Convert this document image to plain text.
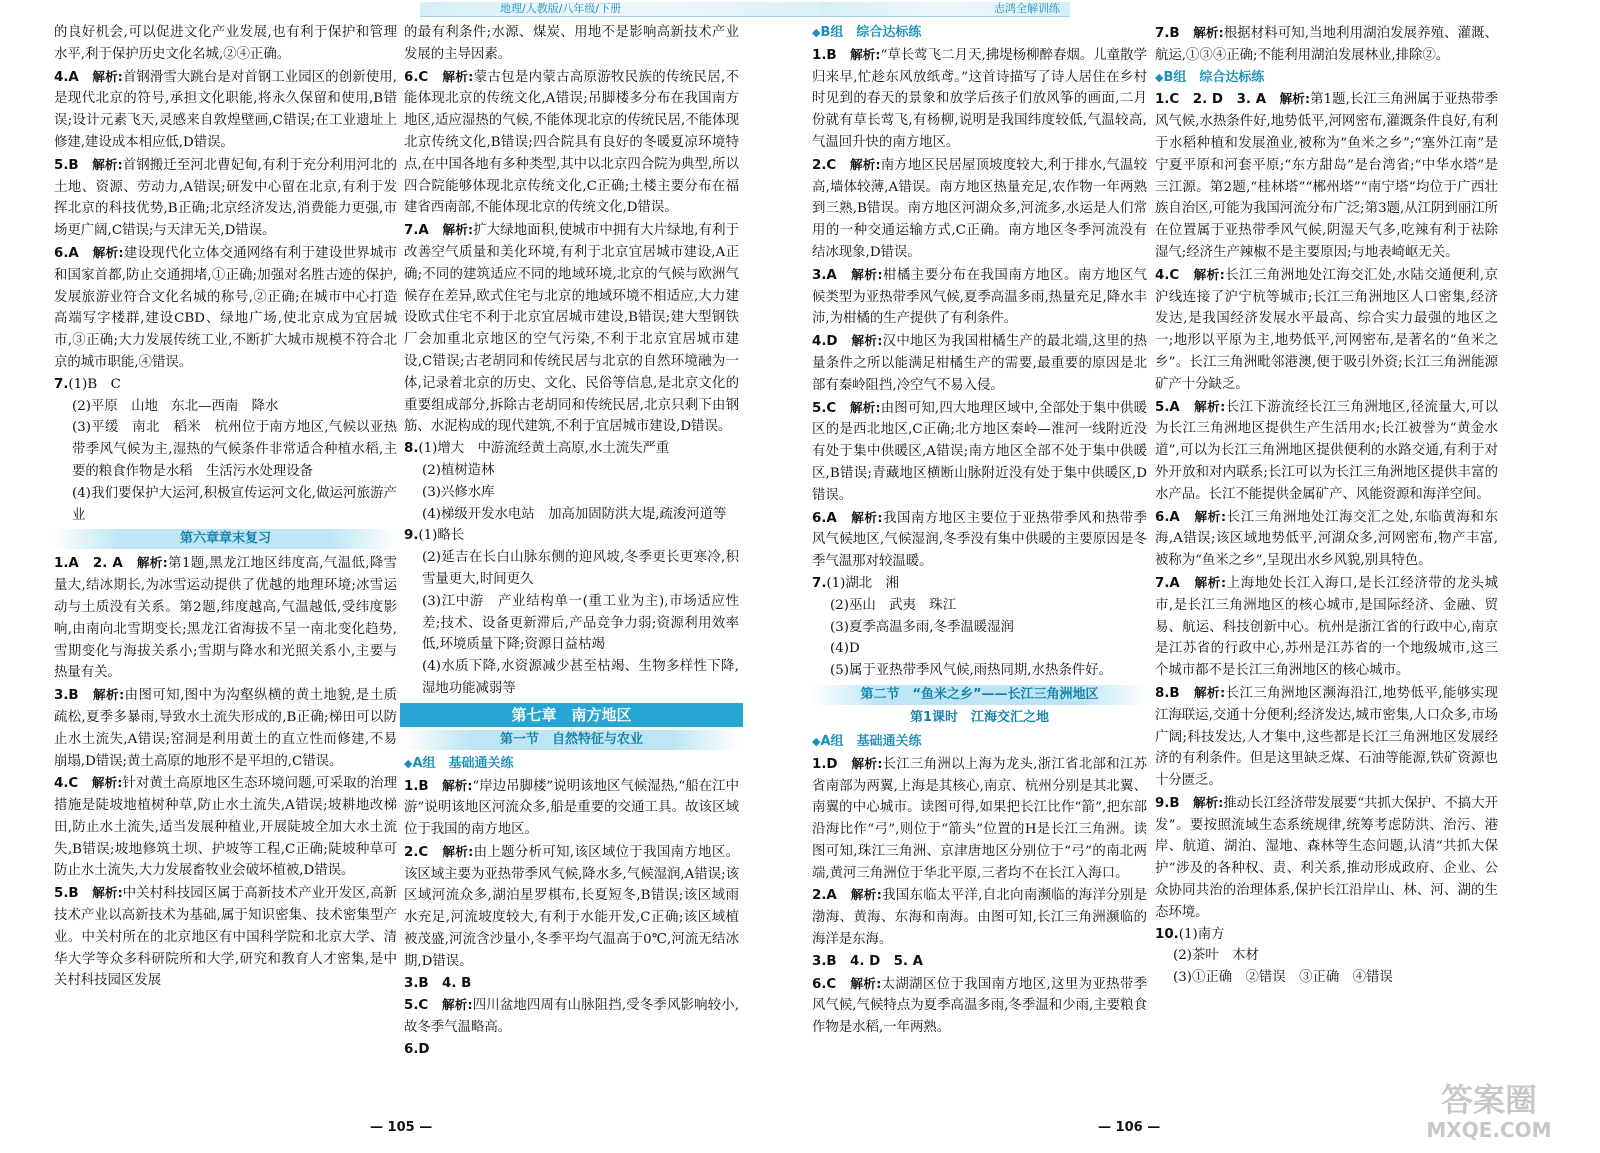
地理/人教版/八年级/下册	志鸿全解训练

的良好机会,可以促进文化产业发展,也有利于保护和管理水平,利于保护历史文化名城,②④正确。

4.A　 解析:首钢滑雪大跳台是对首钢工业园区的创新使用,是现代北京的符号,承担文化职能,将永久保留和使用,B错误;设计元素飞天,灵感来自敦煌壁画,C错误;在工业遗址上修建,建设成本相应低,D错误。

5.B　 解析:首钢搬迁至河北曹妃甸,有利于充分利用河北的土地、资源、劳动力,A错误;研发中心留在北京,有利于发挥北京的科技优势,B正确;北京经济发达,消费能力更强,市场更广阔,C错误;与天津无关,D错误。

6.A　 解析:建设现代化立体交通网络有利于建设世界城市和国家首都,防止交通拥堵,①正确;加强对名胜古迹的保护,发展旅游业符合文化名城的称号,②正确;在城市中心打造高端写字楼群,建设CBD、绿地广场,使北京成为宜居城市,③正确;大力发展传统工业,不断扩大城市规模不符合北京的城市职能,④错误。

7.(1)B　C

(2)平原　山地　东北—西南　降水

(3)平缓　南北　稻米　杭州位于南方地区,气候以亚热带季风气候为主,湿热的气候条件非常适合种植水稻,主要的粮食作物是水稻　生活污水处理设备

(4)我们要保护大运河,积极宣传运河文化,做运河旅游产业

第六章章末复习

1.A　2. A　 解析:第1题,黑龙江地区纬度高,气温低,降雪量大,结冰期长,为冰雪运动提供了优越的地理环境;冰雪运动与土质没有关系。第2题,纬度越高,气温越低,受纬度影响,由南向北雪期变长;黑龙江省海拔不呈一南北变化趋势,雪期变化与海拔关系小;雪期与降水和光照关系小,主要与热量有关。

3.B　 解析:由图可知,图中为沟壑纵横的黄土地貌,是土质疏松,夏季多暴雨,导致水土流失形成的,B正确;梯田可以防止水土流失,A错误;窑洞是利用黄土的直立性而修建,不易崩塌,D错误;黄土高原的地形不是平坦的,C错误。

4.C　 解析:针对黄土高原地区生态环境问题,可采取的治理措施是陡坡地植树种草,防止水土流失,A错误;坡耕地改梯田,防止水土流失,适当发展种植业,开展陡坡全加大水土流失,B错误;坡地修筑土坝、护坡等工程,C正确;陡坡种草可防止水土流失,大力发展畜牧业会破坏植被,D错误。

5.B　 解析:中关村科技园区属于高新技术产业开发区,高新技术产业以高新技术为基础,属于知识密集、技术密集型产业。中关村所在的北京地区有中国科学院和北京大学、清华大学等众多科研院所和大学,研究和教育人才密集,是中关村科技园区发展

的最有利条件;水源、煤炭、用地不是影响高新技术产业发展的主导因素。

6.C　 解析:蒙古包是内蒙古高原游牧民族的传统民居,不能体现北京的传统文化,A错误;吊脚楼多分布在我国南方地区,适应湿热的气候,不能体现北京的传统民居,不能体现北京传统文化,B错误;四合院具有良好的冬暖夏凉环境特点,在中国各地有多种类型,其中以北京四合院为典型,所以四合院能够体现北京传统文化,C正确;土楼主要分布在福建省西南部,不能体现北京的传统文化,D错误。

7.A　 解析:扩大绿地面积,使城市中拥有大片绿地,有利于改善空气质量和美化环境,有利于北京宜居城市建设,A正确;不同的建筑适应不同的地域环境,北京的气候与欧洲气候存在差异,欧式住宅与北京的地域环境不相适应,大力建设欧式住宅不利于北京宜居城市建设,B错误;建大型钢铁厂会加重北京地区的空气污染,不利于北京宜居城市建设,C错误;古老胡同和传统民居与北京的自然环境融为一体,记录着北京的历史、文化、民俗等信息,是北京文化的重要组成部分,拆除古老胡同和传统民居,北京只剩下由钢筋、水泥构成的现代建筑,不利于宜居城市建设,D错误。

8.(1)增大　中游流经黄土高原,水土流失严重

(2)植树造林

(3)兴修水库

(4)梯级开发水电站　加高加固防洪大堤,疏浚河道等

9.(1)略长

(2)延吉在长白山脉东侧的迎风坡,冬季更长更寒冷,积雪量更大,时间更久

(3)江中游　产业结构单一(重工业为主),市场适应性差;技术、设备更新滞后,产品竞争力弱;资源利用效率低,环境质量下降;资源日益枯竭

(4)水质下降,水资源减少甚至枯竭、生物多样性下降,湿地功能减弱等

第七章　南方地区
第一节　自然特征与农业

◆A组　基础通关练

1.B　 解析:“岸边吊脚楼”说明该地区气候湿热,“船在江中游”说明该地区河流众多,船是重要的交通工具。故该区域位于我国的南方地区。

2.C　 解析:由上题分析可知,该区域位于我国南方地区。该区域主要为亚热带季风气候,降水多,气候湿润,A错误;该区域河流众多,湖泊星罗棋布,长夏短冬,B错误;该区域雨水充足,河流坡度较大,有利于水能开发,C正确;该区域植被茂盛,河流含沙量小,冬季平均气温高于0℃,河流无结冰期,D错误。

3.B　4. B

5.C　 解析:四川盆地四周有山脉阻挡,受冬季风影响较小,故冬季气温略高。

6.D

◆B组　综合达标练

1.B　 解析:“草长莺飞二月天,拂堤杨柳醉春烟。儿童散学归来早,忙趁东风放纸鸢。”这首诗描写了诗人居住在乡村时见到的春天的景象和放学后孩子们放风筝的画面,二月份就有草长莺飞,有杨柳,说明是我国纬度较低,气温较高,气温回升快的南方地区。

2.C　 解析:南方地区民居屋顶坡度较大,利于排水,气温较高,墙体较薄,A错误。南方地区热量充足,农作物一年两熟到三熟,B错误。南方地区河湖众多,河流多,水运是人们常用的一种交通运输方式,C正确。南方地区冬季河流没有结冰现象,D错误。

3.A　 解析:柑橘主要分布在我国南方地区。南方地区气候类型为亚热带季风气候,夏季高温多雨,热量充足,降水丰沛,为柑橘的生产提供了有利条件。

4.D　 解析:汉中地区为我国柑橘生产的最北端,这里的热量条件之所以能满足柑橘生产的需要,最重要的原因是北部有秦岭阻挡,冷空气不易入侵。

5.C　 解析:由图可知,四大地理区域中,全部处于集中供暖区的是西北地区,C正确;北方地区秦岭—淮河一线附近没有处于集中供暖区,A错误;南方地区全部不处于集中供暖区,B错误;青藏地区横断山脉附近没有处于集中供暖区,D错误。

6.A　 解析:我国南方地区主要位于亚热带季风和热带季风气候地区,气候湿润,冬季没有集中供暖的主要原因是冬季气温那对较温暖。

7.(1)湖北　湘

(2)巫山　武夷　珠江

(3)夏季高温多雨,冬季温暖湿润

(4)D

(5)属于亚热带季风气候,雨热同期,水热条件好。

第二节　“鱼米之乡”——长江三角洲地区
第1课时　江海交汇之地

◆A组　基础通关练

1.D　 解析:长江三角洲以上海为龙头,浙江省北部和江苏省南部为两翼,上海是其核心,南京、杭州分别是其北翼、南翼的中心城市。读图可得,如果把长江比作“箭”,把东部沿海比作“弓”,则位于“箭头”位置的H是长江三角洲。读图可知,珠江三角洲、京津唐地区分别位于“弓”的南北两端,黄河三角洲位于华北平原,三者均不在长江入海口。

2.A　 解析:我国东临太平洋,自北向南濒临的海洋分别是渤海、黄海、东海和南海。由图可知,长江三角洲濒临的海洋是东海。

3.B　4. D　5. A

6.C　 解析:太湖湖区位于我国南方地区,这里为亚热带季风气候,气候特点为夏季高温多雨,冬季温和少雨,主要粮食作物是水稻,一年两熟。

7.B　 解析:根据材料可知,当地利用湖泊发展养殖、灌溉、航运,①③④正确;不能利用湖泊发展林业,排除②。

◆B组　综合达标练

1.C　2. D　3. A　 解析:第1题,长江三角洲属于亚热带季风气候,水热条件好,地势低平,河网密布,灌溉条件良好,有利于水稻种植和发展渔业,被称为“鱼米之乡”;“塞外江南”是宁夏平原和河套平原;“东方甜岛”是台湾省;“中华水塔”是三江源。第2题,“桂林塔”“郴州塔”“南宁塔”均位于广西壮族自治区,可能为我国河流分布广泛;第3题,从江阴到丽江所在位置属于亚热带季风气候,阴湿天气多,吃辣有利于祛除湿气;经济生产辣椒不是主要原因;与地表崎岖无关。

4.C　 解析:长江三角洲地处江海交汇处,水陆交通便利,京沪线连接了沪宁杭等城市;长江三角洲地区人口密集,经济发达,是我国经济发展水平最高、综合实力最强的地区之一;地形以平原为主,地势低平,河网密布,是著名的“鱼米之乡”。长江三角洲毗邻港澳,便于吸引外资;长江三角洲能源矿产十分缺乏。

5.A　 解析:长江下游流经长江三角洲地区,径流量大,可以为长江三角洲地区提供生产生活用水;长江被誉为“黄金水道”,可以为长江三角洲地区提供便利的水路交通,有利于对外开放和对内联系;长江可以为长江三角洲地区提供丰富的水产品。长江不能提供金属矿产、风能资源和海洋空间。

6.A　 解析:长江三角洲地处江海交汇之处,东临黄海和东海,A错误;该区域地势低平,河湖众多,河网密布,物产丰富,被称为“鱼米之乡”,呈现出水乡风貌,别具特色。

7.A　 解析:上海地处长江入海口,是长江经济带的龙头城市,是长江三角洲地区的核心城市,是国际经济、金融、贸易、航运、科技创新中心。杭州是浙江省的行政中心,南京是江苏省的行政中心,苏州是江苏省的一个地级城市,这三个城市都不是长江三角洲地区的核心城市。

8.B　 解析:长江三角洲地区濒海沿江,地势低平,能够实现江海联运,交通十分便利;经济发达,城市密集,人口众多,市场广阔;科技发达,人才集中,这些都是长江三角洲地区发展经济的有利条件。但是这里缺乏煤、石油等能源,铁矿资源也十分匮乏。

9.B　 解析:推动长江经济带发展要“共抓大保护、不搞大开发”。要按照流域生态系统规律,统筹考虑防洪、治污、港岸、航道、湖泊、湿地、森林等生态问题,认清“共抓大保护”涉及的各种权、责、利关系,推动形成政府、企业、公众协同共治的治理体系,保护长江沿岸山、林、河、湖的生态环境。

10.(1)南方

(2)茶叶　木材

(3)①正确　②错误　③正确　④错误

— 105 —	— 106 —
答案圈
MXQE.COM
